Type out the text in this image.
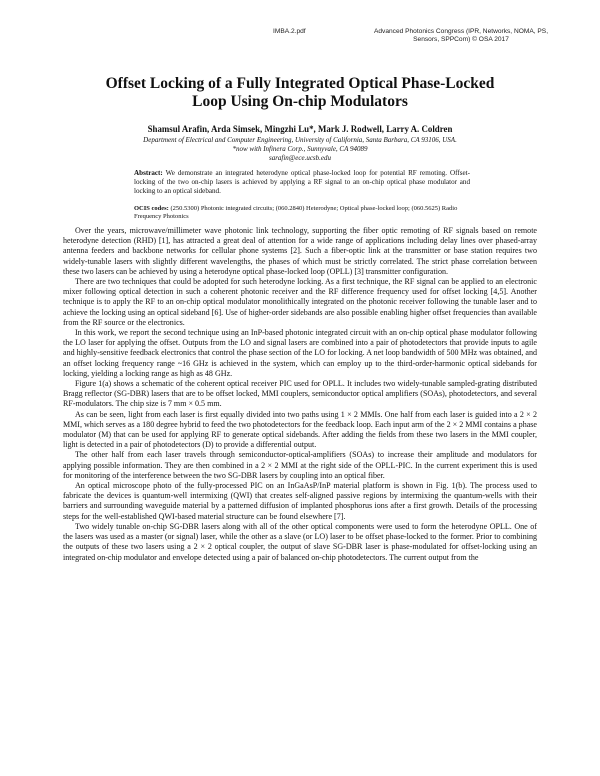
IMBA.2.pdf	Advanced Photonics Congress (IPR, Networks, NOMA, PS,
Sensors, SPPCom) © OSA 2017
Offset Locking of a Fully Integrated Optical Phase-Locked
Loop Using On-chip Modulators
Shamsul Arafin, Arda Simsek, Mingzhi Lu*, Mark J. Rodwell, Larry A. Coldren
Department of Electrical and Computer Engineering, University of California, Santa Barbara, CA 93106, USA.
*now with Infinera Corp., Sunnyvale, CA 94089
sarafin@ece.ucsb.edu
Abstract: We demonstrate an integrated heterodyne optical phase-locked loop for potential RF remoting. Offset-locking of the two on-chip lasers is achieved by applying a RF signal to an on-chip optical phase modulator and locking to an optical sideband.
OCIS codes: (250.5300) Photonic integrated circuits; (060.2840) Heterodyne; Optical phase-locked loop; (060.5625) Radio Frequency Photonics

Over the years, microwave/millimeter wave photonic link technology, supporting the fiber optic remoting of RF signals based on remote heterodyne detection (RHD) [1], has attracted a great deal of attention for a wide range of applications including delay lines over phased-array antenna feeders and backbone networks for cellular phone systems [2]. Such a fiber-optic link at the transmitter or base station requires two widely-tunable lasers with slightly different wavelengths, the phases of which must be strictly correlated. The strict phase correlation between these two lasers can be achieved by using a heterodyne optical phase-locked loop (OPLL) [3] transmitter configuration.

There are two techniques that could be adopted for such heterodyne locking. As a first technique, the RF signal can be applied to an electronic mixer following optical detection in such a coherent photonic receiver and the RF difference frequency used for offset locking [4,5]. Another technique is to apply the RF to an on-chip optical modulator monolithically integrated on the photonic receiver following the tunable laser and to achieve the locking using an optical sideband [6]. Use of higher-order sidebands are also possible enabling higher offset frequencies than available from the RF source or the electronics.

In this work, we report the second technique using an InP-based photonic integrated circuit with an on-chip optical phase modulator following the LO laser for applying the offset. Outputs from the LO and signal lasers are combined into a pair of photodetectors that provide inputs to agile and highly-sensitive feedback electronics that control the phase section of the LO for locking. A net loop bandwidth of 500 MHz was obtained, and an offset locking frequency range ~16 GHz is achieved in the system, which can employ up to the third-order-harmonic optical sidebands for locking, yielding a locking range as high as 48 GHz.

Figure 1(a) shows a schematic of the coherent optical receiver PIC used for OPLL. It includes two widely-tunable sampled-grating distributed Bragg reflector (SG-DBR) lasers that are to be offset locked, MMI couplers, semiconductor optical amplifiers (SOAs), photodetectors, and several RF-modulators. The chip size is 7 mm × 0.5 mm.

As can be seen, light from each laser is first equally divided into two paths using 1 × 2 MMIs. One half from each laser is guided into a 2 × 2 MMI, which serves as a 180 degree hybrid to feed the two photodetectors for the feedback loop. Each input arm of the 2 × 2 MMI contains a phase modulator (M) that can be used for applying RF to generate optical sidebands. After adding the fields from these two lasers in the MMI coupler, light is detected in a pair of photodetectors (D) to provide a differential output.

The other half from each laser travels through semiconductor-optical-amplifiers (SOAs) to increase their amplitude and modulators for applying possible information. They are then combined in a 2 × 2 MMI at the right side of the OPLL-PIC. In the current experiment this is used for monitoring of the interference between the two SG-DBR lasers by coupling into an optical fiber.

An optical microscope photo of the fully-processed PIC on an InGaAsP/InP material platform is shown in Fig. 1(b). The process used to fabricate the devices is quantum-well intermixing (QWI) that creates self-aligned passive regions by intermixing the quantum-wells with their barriers and surrounding waveguide material by a patterned diffusion of implanted phosphorus ions after a first growth. Details of the processing steps for the well-established QWI-based material structure can be found elsewhere [7].

Two widely tunable on-chip SG-DBR lasers along with all of the other optical components were used to form the heterodyne OPLL. One of the lasers was used as a master (or signal) laser, while the other as a slave (or LO) laser to be offset phase-locked to the former. Prior to combining the outputs of these two lasers using a 2 × 2 optical coupler, the output of slave SG-DBR laser is phase-modulated for offset-locking using an integrated on-chip modulator and envelope detected using a pair of balanced on-chip photodetectors. The current output from the
